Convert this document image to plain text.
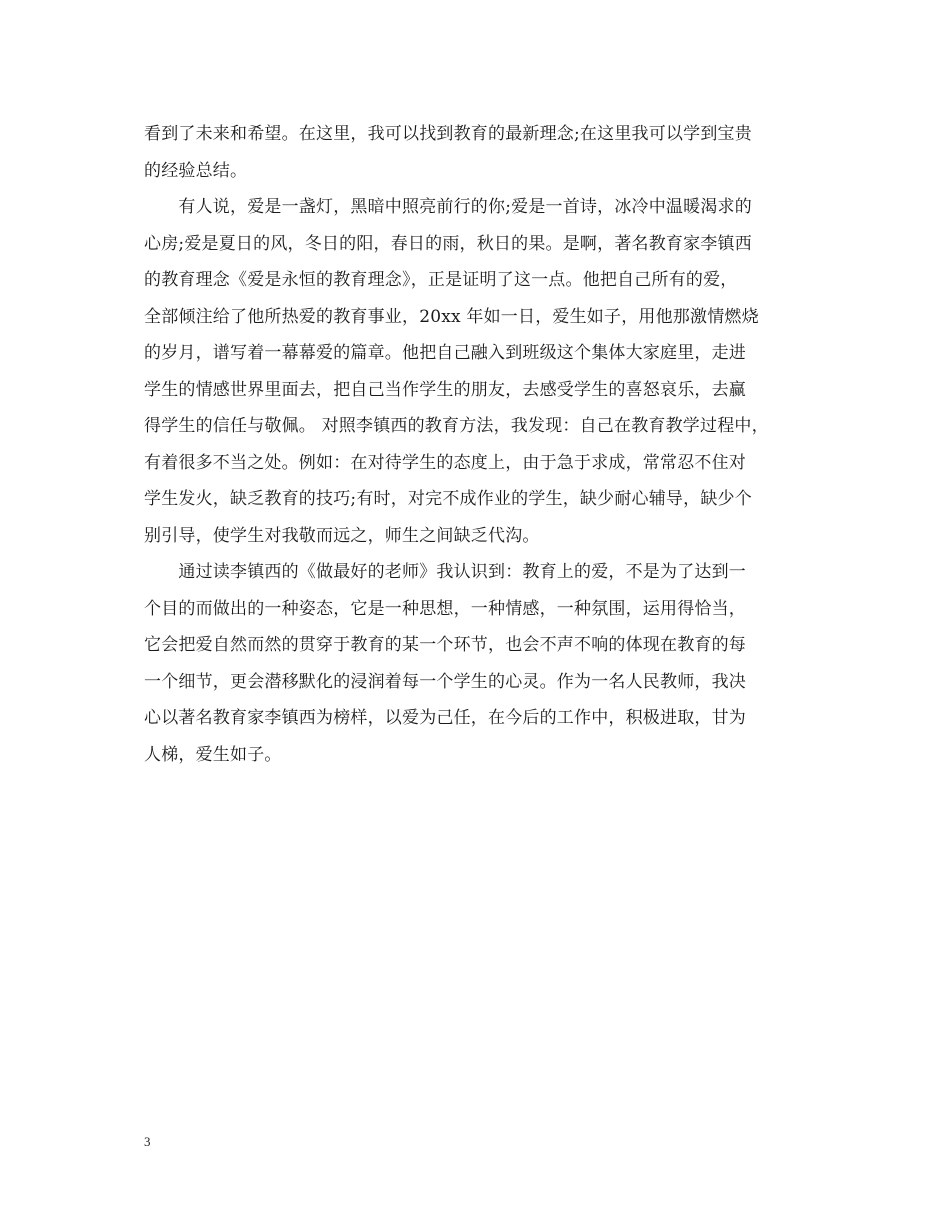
看到了未来和希望。在这里，我可以找到教育的最新理念;在这里我可以学到宝贵
的经验总结。
　　有人说，爱是一盏灯，黑暗中照亮前行的你;爱是一首诗，冰冷中温暖渴求的
心房;爱是夏日的风，冬日的阳，春日的雨，秋日的果。是啊，著名教育家李镇西
的教育理念《爱是永恒的教育理念》，正是证明了这一点。他把自己所有的爱，
全部倾注给了他所热爱的教育事业，20xx 年如一日，爱生如子，用他那激情燃烧
的岁月，谱写着一幕幕爱的篇章。他把自己融入到班级这个集体大家庭里，走进
学生的情感世界里面去，把自己当作学生的朋友，去感受学生的喜怒哀乐，去赢
得学生的信任与敬佩。 对照李镇西的教育方法，我发现：自己在教育教学过程中，
有着很多不当之处。例如：在对待学生的态度上，由于急于求成，常常忍不住对
学生发火，缺乏教育的技巧;有时，对完不成作业的学生，缺少耐心辅导，缺少个
别引导，使学生对我敬而远之，师生之间缺乏代沟。
　　通过读李镇西的《做最好的老师》我认识到：教育上的爱，不是为了达到一
个目的而做出的一种姿态，它是一种思想，一种情感，一种氛围，运用得恰当，
它会把爱自然而然的贯穿于教育的某一个环节，也会不声不响的体现在教育的每
一个细节，更会潜移默化的浸润着每一个学生的心灵。作为一名人民教师，我决
心以著名教育家李镇西为榜样，以爱为己任，在今后的工作中，积极进取，甘为
人梯，爱生如子。
3
